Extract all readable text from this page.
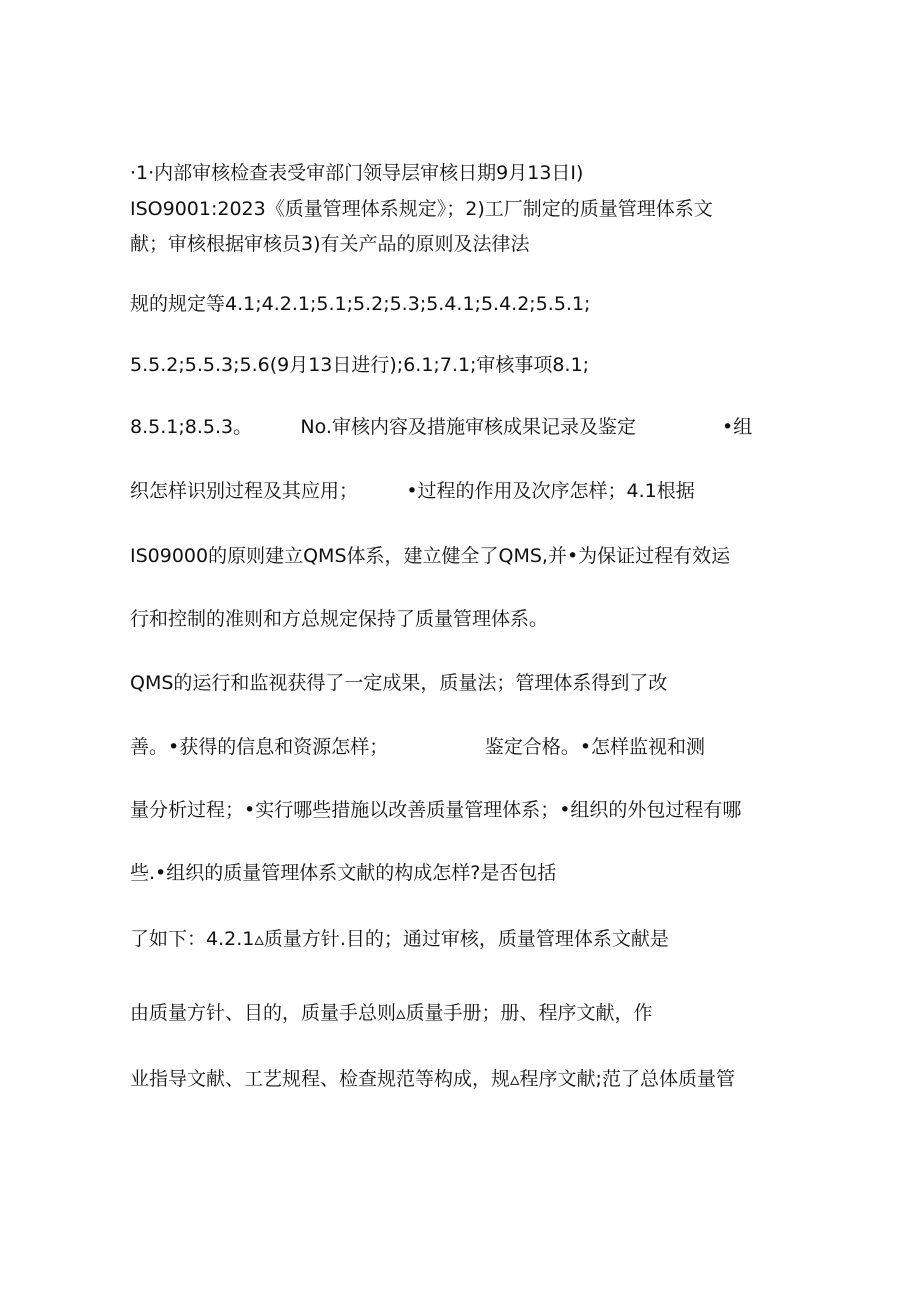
·1·内部审核检查表受审部门领导层审核日期9月13日I)
ISO9001:2023《质量管理体系规定》；2)工厂制定的质量管理体系文
献；审核根据审核员3)有关产品的原则及法律法
规的规定等4.1;4.2.1;5.1;5.2;5.3;5.4.1;5.4.2;5.5.1;
5.5.2;5.5.3;5.6(9月13日进行);6.1;7.1;审核事项8.1;
8.5.1;8.5.3。        No.审核内容及措施审核成果记录及鉴定	•组
织怎样识别过程及其应用；        •过程的作用及次序怎样；4.1根据
IS09000的原则建立QMS体系，建立健全了QMS,并•为保证过程有效运
行和控制的准则和方总规定保持了质量管理体系。
QMS的运行和监视获得了一定成果，质量法；管理体系得到了改
善。•获得的信息和资源怎样；                鉴定合格。•怎样监视和测
量分析过程；•实行哪些措施以改善质量管理体系；•组织的外包过程有哪
些.•组织的质量管理体系文献的构成怎样?是否包括
了如下：4.2.1▵质量方针.目的；通过审核，质量管理体系文献是
由质量方针、目的，质量手总则▵质量手册；册、程序文献，作
业指导文献、工艺规程、检查规范等构成，规▵程序文献;范了总体质量管
